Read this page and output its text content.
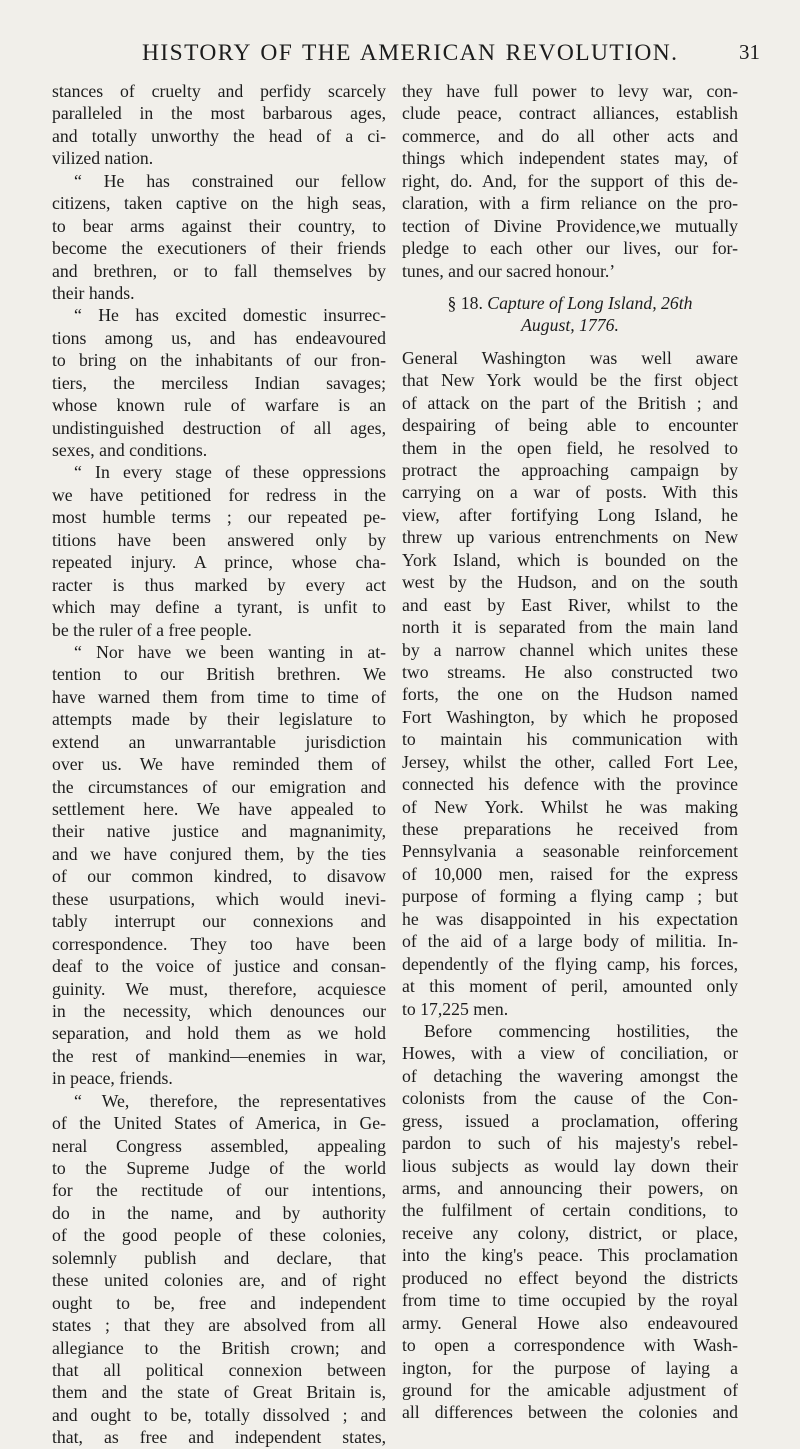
HISTORY OF THE AMERICAN REVOLUTION.	31
stances of cruelty and perfidy scarcely
paralleled in the most barbarous ages,
and totally unworthy the head of a ci-
vilized nation.
“ He has constrained our fellow
citizens, taken captive on the high seas,
to bear arms against their country, to
become the executioners of their friends
and brethren, or to fall themselves by
their hands.
“ He has excited domestic insurrec-
tions among us, and has endeavoured
to bring on the inhabitants of our fron-
tiers, the merciless Indian savages;
whose known rule of warfare is an
undistinguished destruction of all ages,
sexes, and conditions.
“ In every stage of these oppressions
we have petitioned for redress in the
most humble terms ; our repeated pe-
titions have been answered only by
repeated injury. A prince, whose cha-
racter is thus marked by every act
which may define a tyrant, is unfit to
be the ruler of a free people.
“ Nor have we been wanting in at-
tention to our British brethren. We
have warned them from time to time of
attempts made by their legislature to
extend an unwarrantable jurisdiction
over us. We have reminded them of
the circumstances of our emigration and
settlement here. We have appealed to
their native justice and magnanimity,
and we have conjured them, by the ties
of our common kindred, to disavow
these usurpations, which would inevi-
tably interrupt our connexions and
correspondence. They too have been
deaf to the voice of justice and consan-
guinity. We must, therefore, acquiesce
in the necessity, which denounces our
separation, and hold them as we hold
the rest of mankind—enemies in war,
in peace, friends.
“ We, therefore, the representatives
of the United States of America, in Ge-
neral Congress assembled, appealing
to the Supreme Judge of the world
for the rectitude of our intentions,
do in the name, and by authority
of the good people of these colonies,
solemnly publish and declare, that
these united colonies are, and of right
ought to be, free and independent
states ; that they are absolved from all
allegiance to the British crown; and
that all political connexion between
them and the state of Great Britain is,
and ought to be, totally dissolved ; and
that, as free and independent states,
they have full power to levy war, con-
clude peace, contract alliances, establish
commerce, and do all other acts and
things which independent states may, of
right, do. And, for the support of this de-
claration, with a firm reliance on the pro-
tection of Divine Providence,we mutually
pledge to each other our lives, our for-
tunes, and our sacred honour.’
§ 18. Capture of Long Island, 26th
August, 1776.
General Washington was well aware
that New York would be the first object
of attack on the part of the British ; and
despairing of being able to encounter
them in the open field, he resolved to
protract the approaching campaign by
carrying on a war of posts. With this
view, after fortifying Long Island, he
threw up various entrenchments on New
York Island, which is bounded on the
west by the Hudson, and on the south
and east by East River, whilst to the
north it is separated from the main land
by a narrow channel which unites these
two streams. He also constructed two
forts, the one on the Hudson named
Fort Washington, by which he proposed
to maintain his communication with
Jersey, whilst the other, called Fort Lee,
connected his defence with the province
of New York. Whilst he was making
these preparations he received from
Pennsylvania a seasonable reinforcement
of 10,000 men, raised for the express
purpose of forming a flying camp ; but
he was disappointed in his expectation
of the aid of a large body of militia. In-
dependently of the flying camp, his forces,
at this moment of peril, amounted only
to 17,225 men.
Before commencing hostilities, the
Howes, with a view of conciliation, or
of detaching the wavering amongst the
colonists from the cause of the Con-
gress, issued a proclamation, offering
pardon to such of his majesty's rebel-
lious subjects as would lay down their
arms, and announcing their powers, on
the fulfilment of certain conditions, to
receive any colony, district, or place,
into the king's peace. This proclamation
produced no effect beyond the districts
from time to time occupied by the royal
army. General Howe also endeavoured
to open a correspondence with Wash-
ington, for the purpose of laying a
ground for the amicable adjustment of
all differences between the colonies and
